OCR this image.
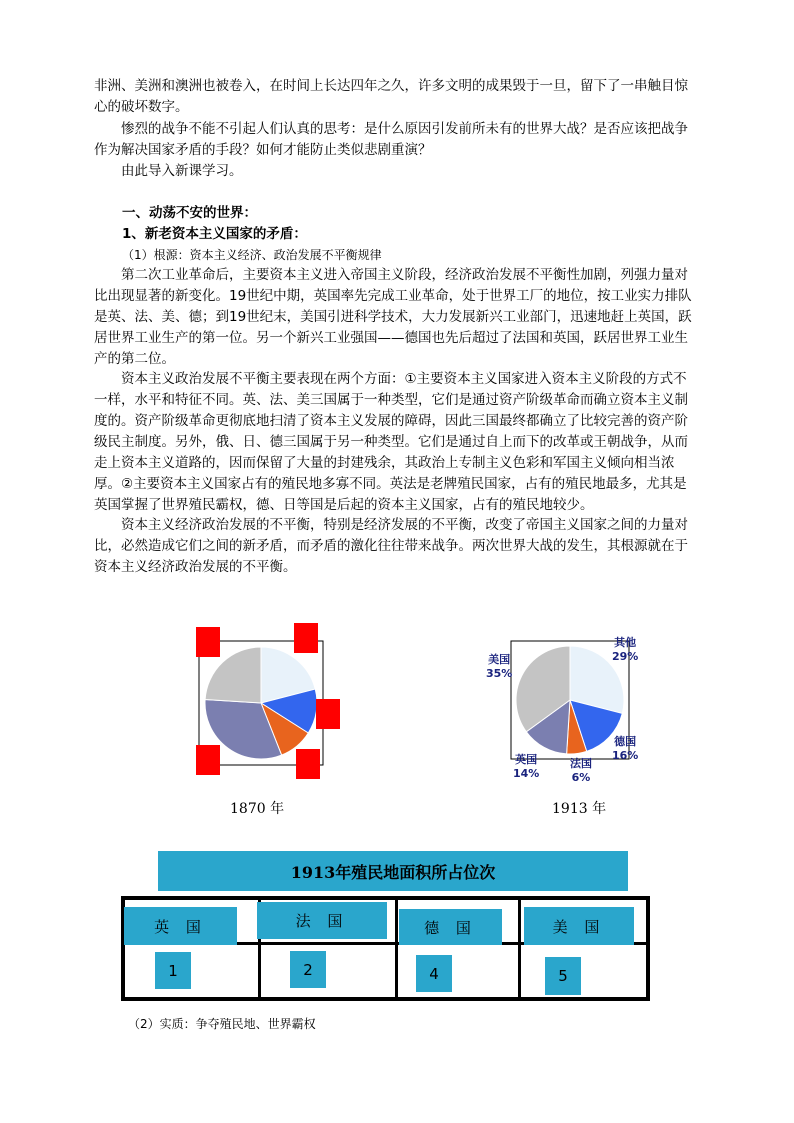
非洲、美洲和澳洲也被卷入，在时间上长达四年之久，许多文明的成果毁于一旦，留下了一串触目惊心的破坏数字。

惨烈的战争不能不引起人们认真的思考：是什么原因引发前所未有的世界大战？是否应该把战争作为解决国家矛盾的手段？如何才能防止类似悲剧重演？

由此导入新课学习。

一、动荡不安的世界：

1、新老资本主义国家的矛盾：

（1）根源：资本主义经济、政治发展不平衡规律

第二次工业革命后，主要资本主义进入帝国主义阶段，经济政治发展不平衡性加剧，列强力量对比出现显著的新变化。19世纪中期，英国率先完成工业革命，处于世界工厂的地位，按工业实力排队是英、法、美、德；到19世纪末，美国引进科学技术，大力发展新兴工业部门，迅速地赶上英国，跃居世界工业生产的第一位。另一个新兴工业强国——德国也先后超过了法国和英国，跃居世界工业生产的第二位。

资本主义政治发展不平衡主要表现在两个方面：①主要资本主义国家进入资本主义阶段的方式不一样，水平和特征不同。英、法、美三国属于一种类型，它们是通过资产阶级革命而确立资本主义制度的。资产阶级革命更彻底地扫清了资本主义发展的障碍，因此三国最终都确立了比较完善的资产阶级民主制度。另外，俄、日、德三国属于另一种类型。它们是通过自上而下的改革或王朝战争，从而走上资本主义道路的，因而保留了大量的封建残余，其政治上专制主义色彩和军国主义倾向相当浓厚。②主要资本主义国家占有的殖民地多寡不同。英法是老牌殖民国家，占有的殖民地最多，尤其是英国掌握了世界殖民霸权，德、日等国是后起的资本主义国家，占有的殖民地较少。

资本主义经济政治发展的不平衡，特别是经济发展的不平衡，改变了帝国主义国家之间的力量对比，必然造成它们之间的新矛盾，而矛盾的激化往往带来战争。两次世界大战的发生，其根源就在于资本主义经济政治发展的不平衡。

1870 年
其他
29%
美国
35%
德国
16%
英国
14%
法国
6%
1913 年
1913年殖民地面积所占位次
英 国	法 国	德 国	美 国
1	2	4	5

（2）实质：争夺殖民地、世界霸权
